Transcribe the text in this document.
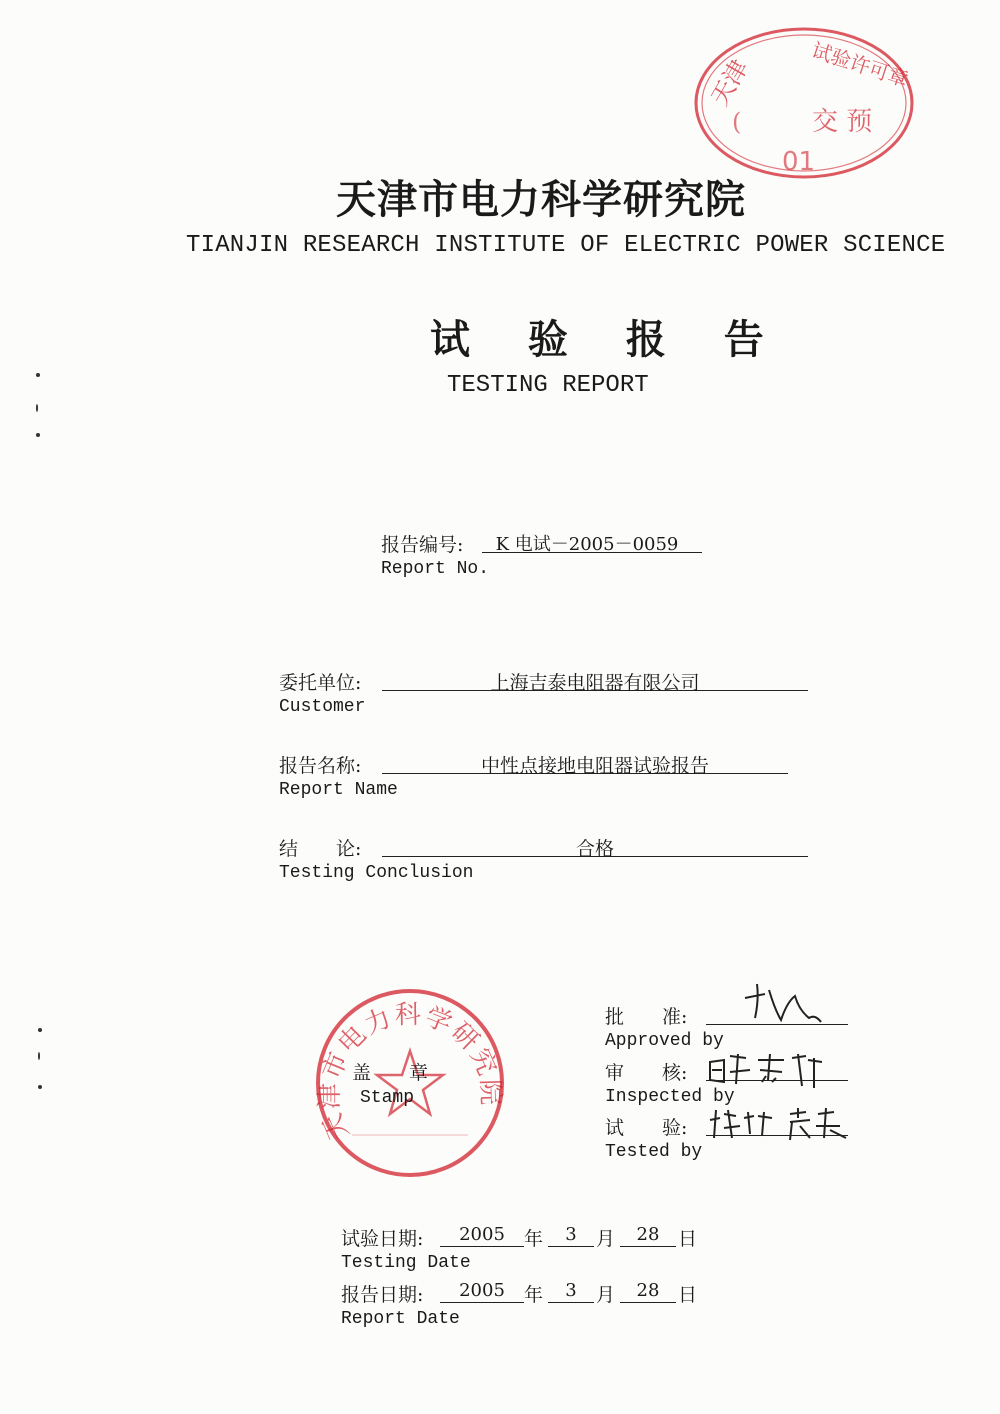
天津	试验许可章
交 预
(
01
天津市电力科学研究院
TIANJIN RESEARCH INSTITUTE OF ELECTRIC POWER SCIENCE
试 验 报 告
TESTING REPORT
报告编号:	K 电试－2005－0059
Report No.
委托单位:	上海吉泰电阻器有限公司
Customer
报告名称:	中性点接地电阻器试验报告
Report Name
结　　论:	合格
Testing Conclusion
天津市电力科学研究院
盖　　章
Stamp
批　　准:
Approved by
审　　核:
Inspected by
试　　验:
Tested by
试验日期:	2005	年	3	月	28 日
Testing Date
报告日期:	2005	年	3	月	28 日
Report Date
